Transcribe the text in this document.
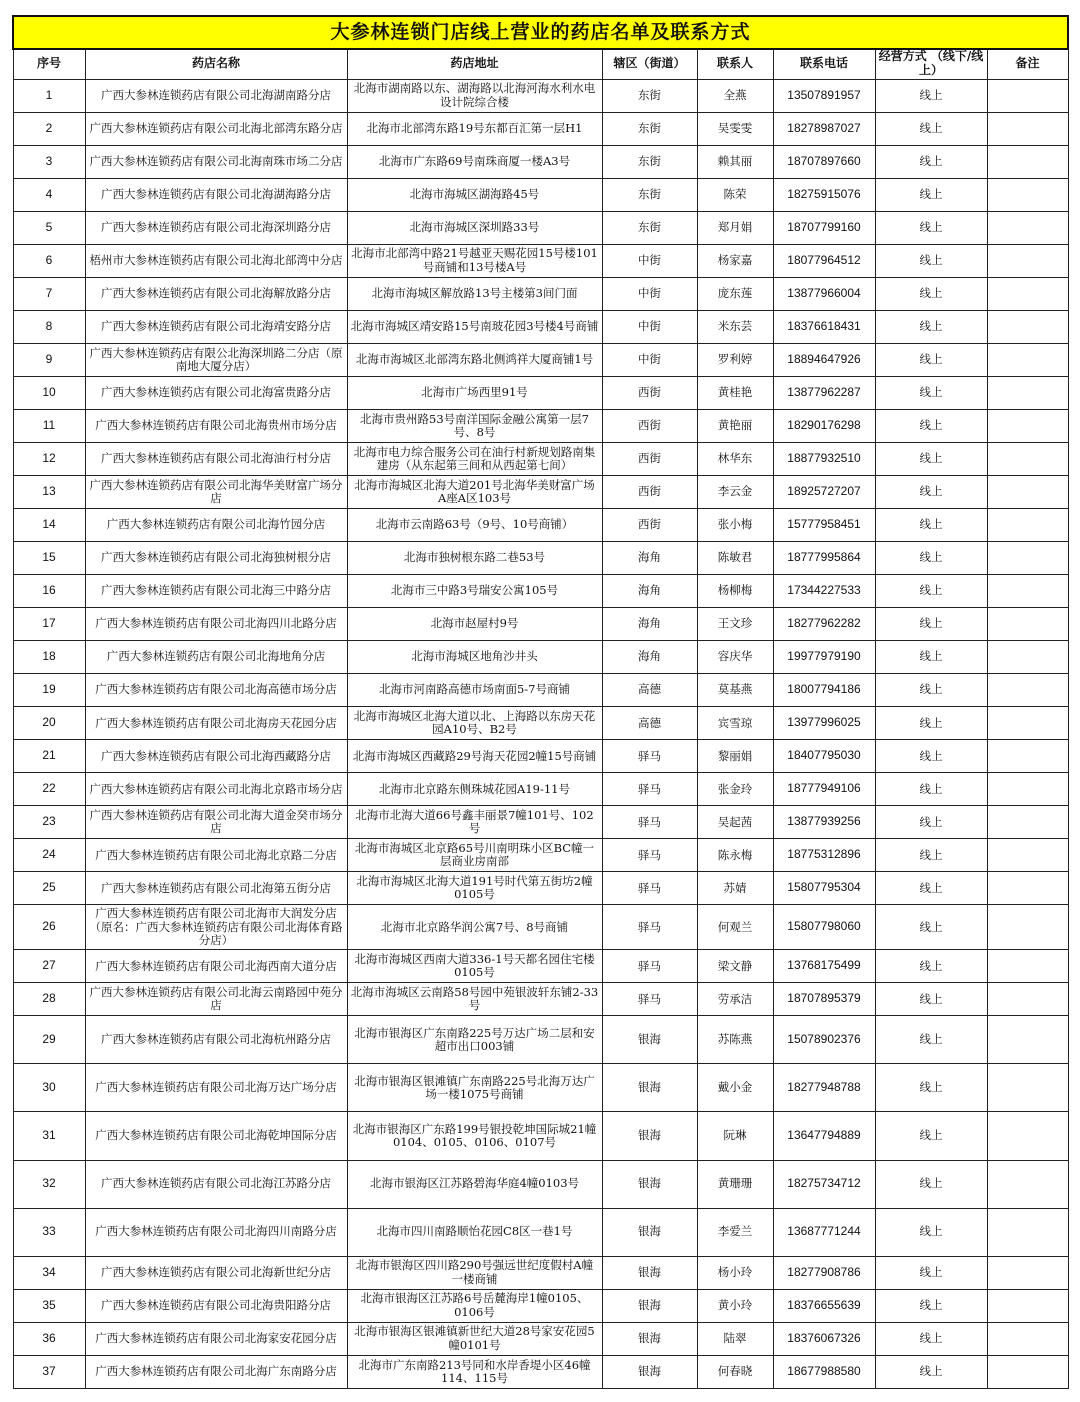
大参林连锁门店线上营业的药店名单及联系方式							
序号	药店名称	药店地址	辖区（街道）	联系人	联系电话	经营方式 （线下/线上）	备注
1	广西大参林连锁药店有限公司北海湖南路分店	北海市湖南路以东、湖海路以北海河海水利水电设计院综合楼	东街	全燕	13507891957	线上	
2	广西大参林连锁药店有限公司北海北部湾东路分店	北海市北部湾东路19号东都百汇第一层H1	东街	吴雯雯	18278987027	线上	
3	广西大参林连锁药店有限公司北海南珠市场二分店	北海市广东路69号南珠商厦一楼A3号	东街	赖其丽	18707897660	线上	
4	广西大参林连锁药店有限公司北海湖海路分店	北海市海城区湖海路45号	东街	陈荣	18275915076	线上	
5	广西大参林连锁药店有限公司北海深圳路分店	北海市海城区深圳路33号	东街	郑月娟	18707799160	线上	
6	梧州市大参林连锁药店有限公司北海北部湾中分店	北海市北部湾中路21号越亚天赐花园15号楼101号商铺和13号楼A号	中街	杨家嘉	18077964512	线上	
7	广西大参林连锁药店有限公司北海解放路分店	北海市海城区解放路13号主楼第3间门面	中街	庞东莲	13877966004	线上	
8	广西大参林连锁药店有限公司北海靖安路分店	北海市海城区靖安路15号南玻花园3号楼4号商铺	中街	米东芸	18376618431	线上	
9	广西大参林连锁药店有限公北海深圳路二分店（原南地大厦分店）	北海市海城区北部湾东路北侧鸿祥大厦商铺1号	中街	罗利婷	18894647926	线上	
10	广西大参林连锁药店有限公司北海富贵路分店	北海市广场西里91号	西街	黄桂艳	13877962287	线上	
11	广西大参林连锁药店有限公司北海贵州市场分店	北海市贵州路53号南洋国际金融公寓第一层7号、8号	西街	黄艳丽	18290176298	线上	
12	广西大参林连锁药店有限公司北海油行村分店	北海市电力综合服务公司在油行村新规划路南集建房（从东起第三间和从西起第七间）	西街	林华东	18877932510	线上	
13	广西大参林连锁药店有限公司北海华美财富广场分店	北海市海城区北海大道201号北海华美财富广场A座A区103号	西街	李云金	18925727207	线上	
14	广西大参林连锁药店有限公司北海竹园分店	北海市云南路63号（9号、10号商铺）	西街	张小梅	15777958451	线上	
15	广西大参林连锁药店有限公司北海独树根分店	北海市独树根东路二巷53号	海角	陈敏君	18777995864	线上	
16	广西大参林连锁药店有限公司北海三中路分店	北海市三中路3号瑞安公寓105号	海角	杨柳梅	17344227533	线上	
17	广西大参林连锁药店有限公司北海四川北路分店	北海市赵屋村9号	海角	王文珍	18277962282	线上	
18	广西大参林连锁药店有限公司北海地角分店	北海市海城区地角沙井头	海角	容庆华	19977979190	线上	
19	广西大参林连锁药店有限公司北海高德市场分店	北海市河南路高德市场南面5-7号商铺	高德	莫基燕	18007794186	线上	
20	广西大参林连锁药店有限公司北海房天花园分店	北海市海城区北海大道以北、上海路以东房天花园A10号、B2号	高德	宾雪琼	13977996025	线上	
21	广西大参林连锁药店有限公司北海西藏路分店	北海市海城区西藏路29号海天花园2幢15号商铺	驿马	黎丽娟	18407795030	线上	
22	广西大参林连锁药店有限公司北海北京路市场分店	北海市北京路东侧珠城花园A19-11号	驿马	张金玲	18777949106	线上	
23	广西大参林连锁药店有限公司北海大道金癸市场分店	北海市北海大道66号鑫丰丽景7幢101号、102号	驿马	吴起茜	13877939256	线上	
24	广西大参林连锁药店有限公司北海北京路二分店	北海市海城区北京路65号川南明珠小区BC幢一层商业房南部	驿马	陈永梅	18775312896	线上	
25	广西大参林连锁药店有限公司北海第五街分店	北海市海城区北海大道191号时代第五街坊2幢0105号	驿马	苏婧	15807795304	线上	
26	广西大参林连锁药店有限公司北海市大润发分店（原名：广西大参林连锁药店有限公司北海体育路分店）	北海市北京路华润公寓7号、8号商铺	驿马	何观兰	15807798060	线上	
27	广西大参林连锁药店有限公司北海西南大道分店	北海市海城区西南大道336-1号天都名园住宅楼0105号	驿马	梁文静	13768175499	线上	
28	广西大参林连锁药店有限公司北海云南路园中苑分店	北海市海城区云南路58号园中苑银波轩东铺2-33号	驿马	劳承洁	18707895379	线上	
29	广西大参林连锁药店有限公司北海杭州路分店	北海市银海区广东南路225号万达广场二层和安超市出口003铺	银海	苏陈燕	15078902376	线上	
30	广西大参林连锁药店有限公司北海万达广场分店	北海市银海区银滩镇广东南路225号北海万达广场一楼1075号商铺	银海	戴小金	18277948788	线上	
31	广西大参林连锁药店有限公司北海乾坤国际分店	北海市银海区广东路199号银投乾坤国际城21幢0104、0105、0106、0107号	银海	阮琳	13647794889	线上	
32	广西大参林连锁药店有限公司北海江苏路分店	北海市银海区江苏路碧海华庭4幢0103号	银海	黄珊珊	18275734712	线上	
33	广西大参林连锁药店有限公司北海四川南路分店	北海市四川南路顺怡花园C8区一巷1号	银海	李爱兰	13687771244	线上	
34	广西大参林连锁药店有限公司北海新世纪分店	北海市银海区四川路290号强远世纪度假村A幢一楼商铺	银海	杨小玲	18277908786	线上	
35	广西大参林连锁药店有限公司北海贵阳路分店	北海市银海区江苏路6号岳麓海岸1幢0105、0106号	银海	黄小玲	18376655639	线上	
36	广西大参林连锁药店有限公司北海家安花园分店	北海市银海区银滩镇新世纪大道28号家安花园5幢0101号	银海	陆翠	18376067326	线上	
37	广西大参林连锁药店有限公司北海广东南路分店	北海市广东南路213号同和水岸香堤小区46幢114、115号	银海	何春晓	18677988580	线上	
